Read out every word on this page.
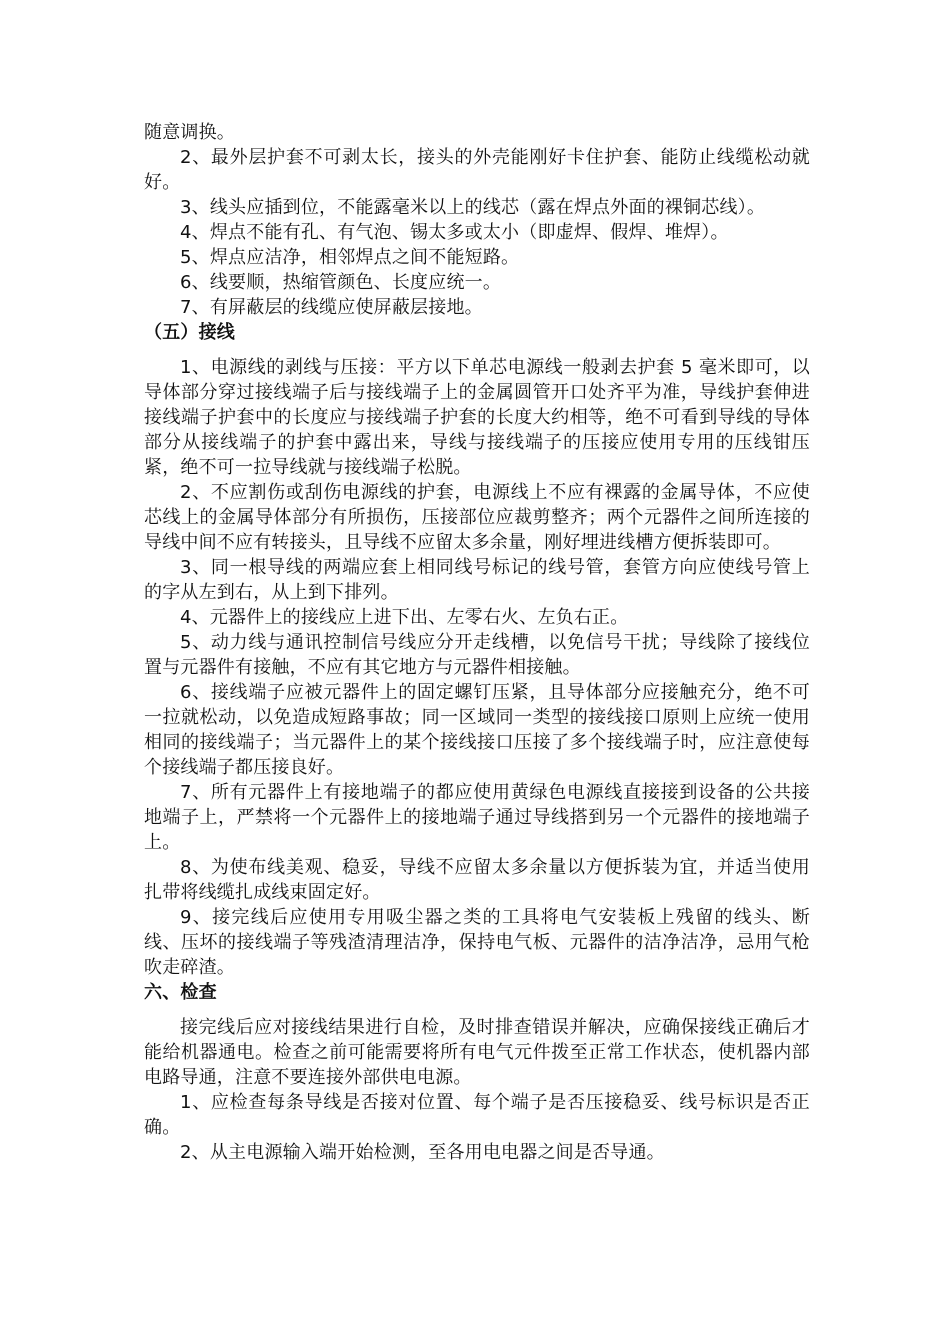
随意调换。

2、最外层护套不可剥太长，接头的外壳能刚好卡住护套、能防止线缆松动就好。

3、线头应插到位，不能露毫米以上的线芯（露在焊点外面的裸铜芯线）。

4、焊点不能有孔、有气泡、锡太多或太小（即虚焊、假焊、堆焊）。

5、焊点应洁净，相邻焊点之间不能短路。

6、线要顺，热缩管颜色、长度应统一。

7、有屏蔽层的线缆应使屏蔽层接地。

（五）接线

1、电源线的剥线与压接：平方以下单芯电源线一般剥去护套 5 毫米即可，以导体部分穿过接线端子后与接线端子上的金属圆管开口处齐平为准，导线护套伸进接线端子护套中的长度应与接线端子护套的长度大约相等，绝不可看到导线的导体部分从接线端子的护套中露出来，导线与接线端子的压接应使用专用的压线钳压紧，绝不可一拉导线就与接线端子松脱。

2、不应割伤或刮伤电源线的护套，电源线上不应有裸露的金属导体，不应使芯线上的金属导体部分有所损伤，压接部位应裁剪整齐；两个元器件之间所连接的导线中间不应有转接头，且导线不应留太多余量，刚好埋进线槽方便拆装即可。

3、同一根导线的两端应套上相同线号标记的线号管，套管方向应使线号管上的字从左到右，从上到下排列。

4、元器件上的接线应上进下出、左零右火、左负右正。

5、动力线与通讯控制信号线应分开走线槽，以免信号干扰；导线除了接线位置与元器件有接触，不应有其它地方与元器件相接触。

6、接线端子应被元器件上的固定螺钉压紧，且导体部分应接触充分，绝不可一拉就松动，以免造成短路事故；同一区域同一类型的接线接口原则上应统一使用相同的接线端子；当元器件上的某个接线接口压接了多个接线端子时，应注意使每个接线端子都压接良好。

7、所有元器件上有接地端子的都应使用黄绿色电源线直接接到设备的公共接地端子上，严禁将一个元器件上的接地端子通过导线搭到另一个元器件的接地端子上。

8、为使布线美观、稳妥，导线不应留太多余量以方便拆装为宜，并适当使用扎带将线缆扎成线束固定好。

9、接完线后应使用专用吸尘器之类的工具将电气安装板上残留的线头、断线、压坏的接线端子等残渣清理洁净，保持电气板、元器件的洁净洁净，忌用气枪吹走碎渣。

六、检查

接完线后应对接线结果进行自检，及时排查错误并解决，应确保接线正确后才能给机器通电。检查之前可能需要将所有电气元件拨至正常工作状态，使机器内部电路导通，注意不要连接外部供电电源。

1、应检查每条导线是否接对位置、每个端子是否压接稳妥、线号标识是否正确。

2、从主电源输入端开始检测，至各用电电器之间是否导通。
